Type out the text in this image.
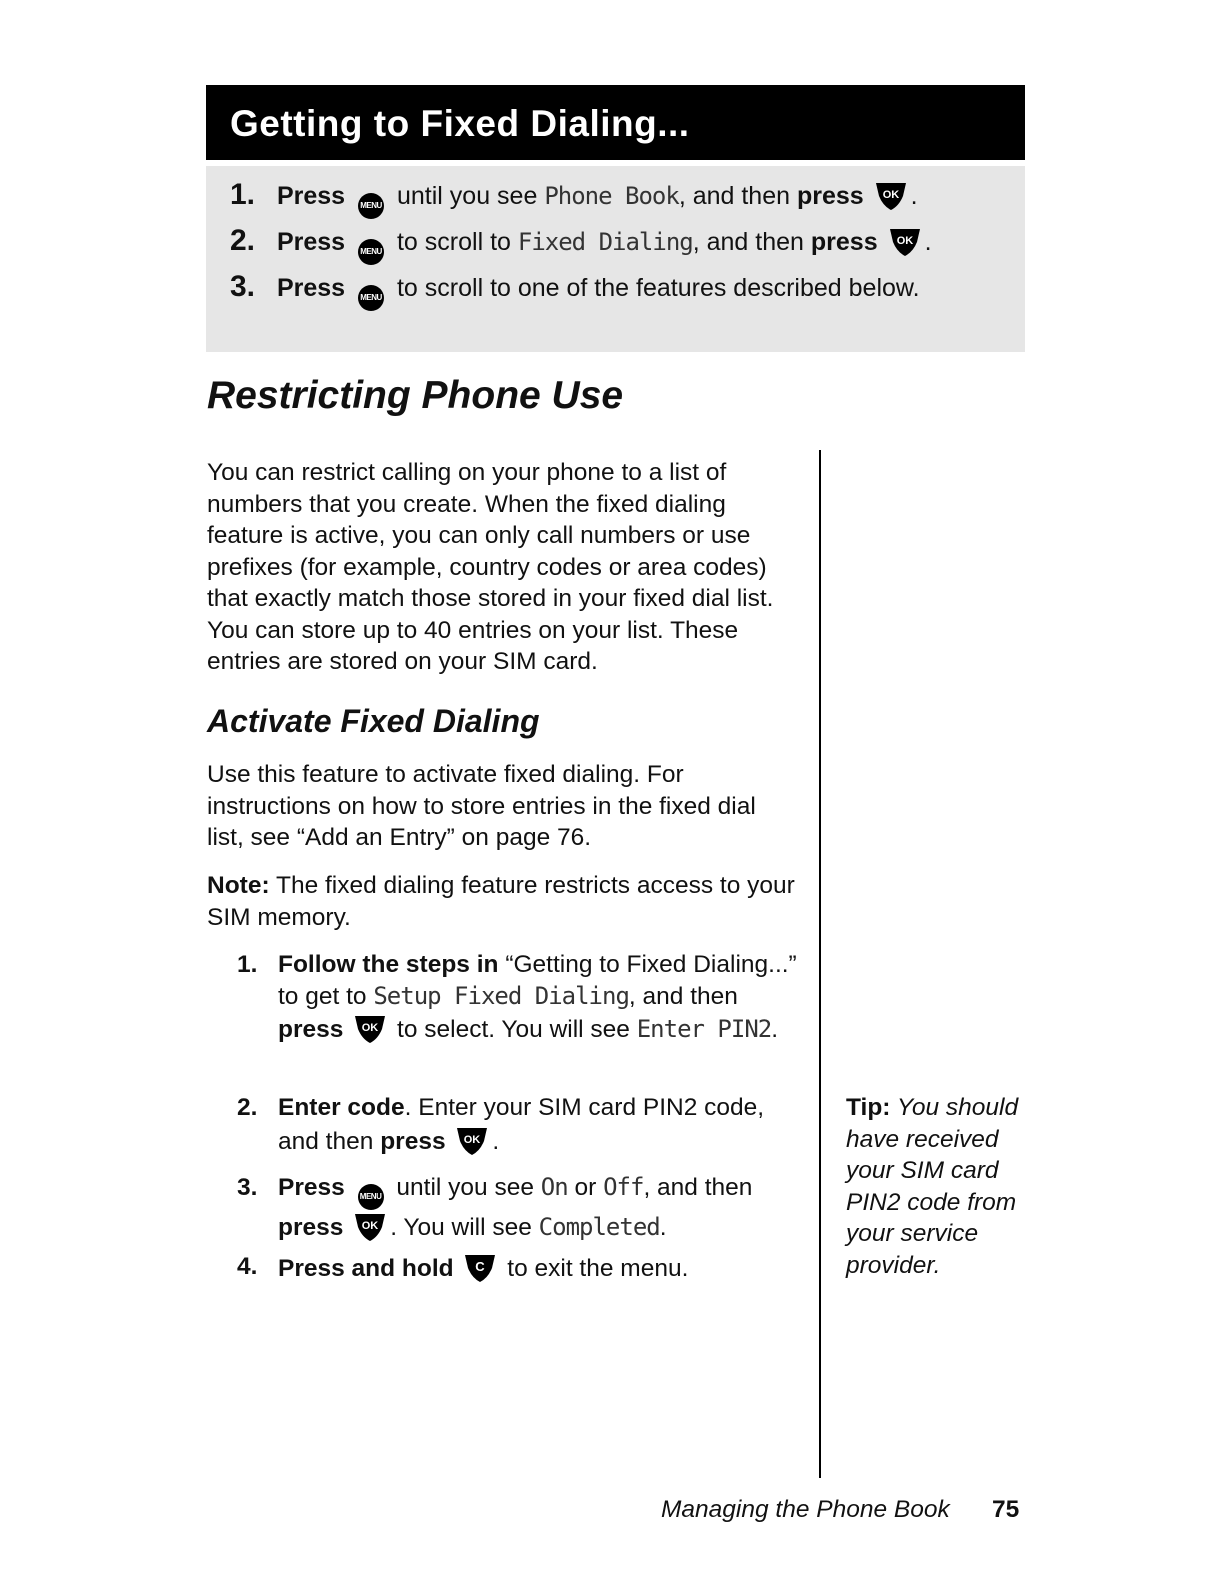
Getting to Fixed Dialing...
1. Press MENU until you see Phone Book, and then press OK .
2. Press MENU to scroll to Fixed Dialing, and then press OK .
3. Press MENU to scroll to one of the features described below.
Restricting Phone Use
You can restrict calling on your phone to a list of numbers that you create. When the fixed dialing feature is active, you can only call numbers or use prefixes (for example, country codes or area codes) that exactly match those stored in your fixed dial list. You can store up to 40 entries on your list. These entries are stored on your SIM card.
Activate Fixed Dialing
Use this feature to activate fixed dialing. For instructions on how to store entries in the fixed dial list, see “Add an Entry” on page 76.
Note: The fixed dialing feature restricts access to your SIM memory.
1. Follow the steps in “Getting to Fixed Dialing...” to get to Setup Fixed Dialing, and then press OK to select. You will see Enter PIN2.
2. Enter code. Enter your SIM card PIN2 code, and then press OK .
3. Press MENU until you see On or Off, and then press OK . You will see Completed.
4. Press and hold C to exit the menu.
Tip: You should have received your SIM card PIN2 code from your service provider.
Managing the Phone Book 75
